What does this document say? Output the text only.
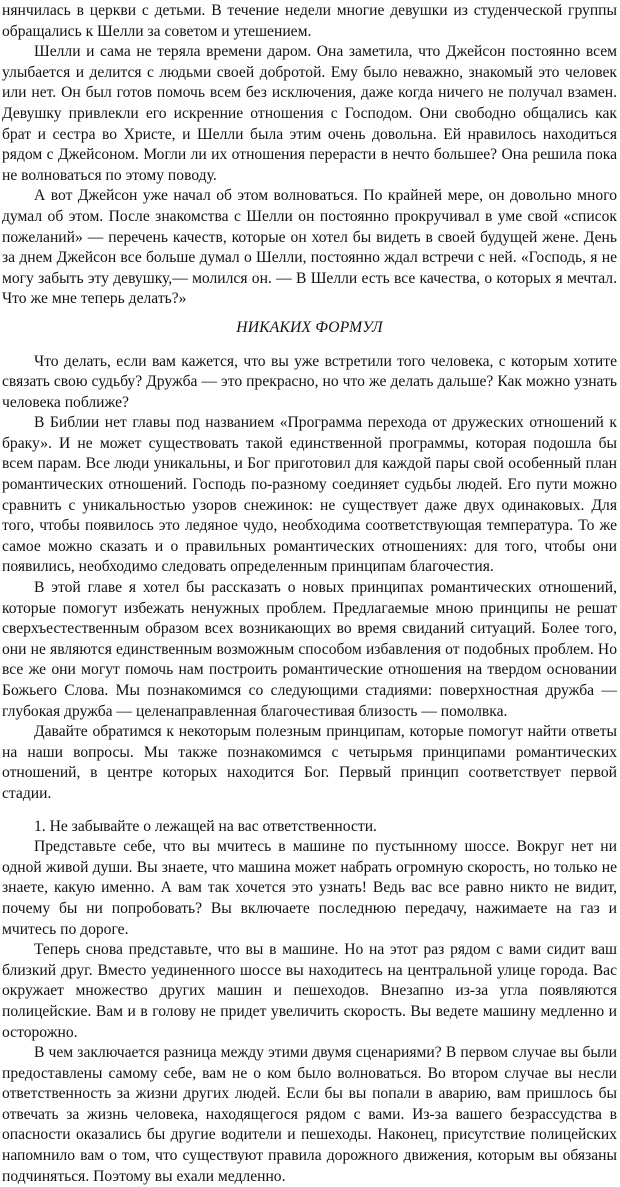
нянчилась в церкви с детьми. В течение недели многие девушки из студенческой группы обращались к Шелли за советом и утешением.

Шелли и сама не теряла времени даром. Она заметила, что Джейсон постоянно всем улыбается и делится с людьми своей добротой. Ему было неважно, знакомый это человек или нет. Он был готов помочь всем без исключения, даже когда ничего не получал взамен. Девушку привлекли его искренние отношения с Господом. Они свободно общались как брат и сестра во Христе, и Шелли была этим очень довольна. Ей нравилось находиться рядом с Джейсоном. Могли ли их отношения перерасти в нечто большее? Она решила пока не волноваться по этому поводу.

А вот Джейсон уже начал об этом волноваться. По крайней мере, он довольно много думал об этом. После знакомства с Шелли он постоянно прокручивал в уме свой «список пожеланий» — перечень качеств, которые он хотел бы видеть в своей будущей жене. День за днем Джейсон все больше думал о Шелли, постоянно ждал встречи с ней. «Господь, я не могу забыть эту девушку,— молился он. — В Шелли есть все качества, о которых я мечтал. Что же мне теперь делать?»

НИКАКИХ ФОРМУЛ

Что делать, если вам кажется, что вы уже встретили того человека, с которым хотите связать свою судьбу? Дружба — это прекрасно, но что же делать дальше? Как можно узнать человека поближе?

В Библии нет главы под названием «Программа перехода от дружеских отношений к браку». И не может существовать такой единственной программы, которая подошла бы всем парам. Все люди уникальны, и Бог приготовил для каждой пары свой особенный план романтических отношений. Господь по-разному соединяет судьбы людей. Его пути можно сравнить с уникальностью узоров снежинок: не существует даже двух одинаковых. Для того, чтобы появилось это ледяное чудо, необходима соответствующая температура. То же самое можно сказать и о правильных романтических отношениях: для того, чтобы они появились, необходимо следовать определенным принципам благочестия.

В этой главе я хотел бы рассказать о новых принципах романтических отношений, которые помогут избежать ненужных проблем. Предлагаемые мною принципы не решат сверхъестественным образом всех возникающих во время свиданий ситуаций. Более того, они не являются единственным возможным способом избавления от подобных проблем. Но все же они могут помочь нам построить романтические отношения на твердом основании Божьего Слова. Мы познакомимся со следующими стадиями: поверхностная дружба — глубокая дружба — целенаправленная благочестивая близость — помолвка.

Давайте обратимся к некоторым полезным принципам, которые помогут найти ответы на наши вопросы. Мы также познакомимся с четырьмя принципами романтических отношений, в центре которых находится Бог. Первый принцип соответствует первой стадии.

1. Не забывайте о лежащей на вас ответственности.

Представьте себе, что вы мчитесь в машине по пустынному шоссе. Вокруг нет ни одной живой души. Вы знаете, что машина может набрать огромную скорость, но только не знаете, какую именно. А вам так хочется это узнать! Ведь вас все равно никто не видит, почему бы ни попробовать? Вы включаете последнюю передачу, нажимаете на газ и мчитесь по дороге.

Теперь снова представьте, что вы в машине. Но на этот раз рядом с вами сидит ваш близкий друг. Вместо уединенного шоссе вы находитесь на центральной улице города. Вас окружает множество других машин и пешеходов. Внезапно из-за угла появляются полицейские. Вам и в голову не придет увеличить скорость. Вы ведете машину медленно и осторожно.

В чем заключается разница между этими двумя сценариями? В первом случае вы были предоставлены самому себе, вам не о ком было волноваться. Во втором случае вы несли ответственность за жизни других людей. Если бы вы попали в аварию, вам пришлось бы отвечать за жизнь человека, находящегося рядом с вами. Из-за вашего безрассудства в опасности оказались бы другие водители и пешеходы. Наконец, присутствие полицейских напомнило вам о том, что существуют правила дорожного движения, которым вы обязаны подчиняться. Поэтому вы ехали медленно.
